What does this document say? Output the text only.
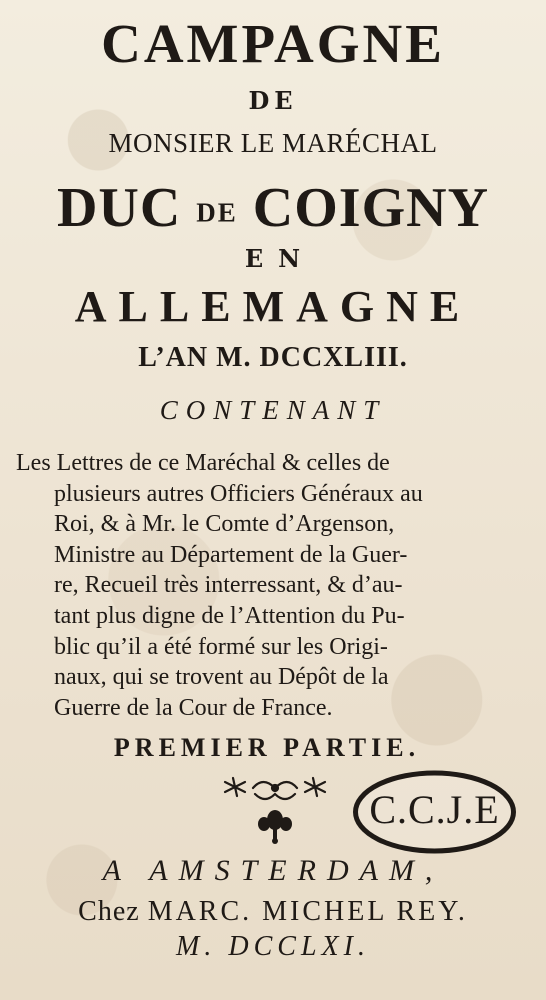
CAMPAGNE
DE
MONSIER LE MARÉCHAL
DUC DE COIGNY
EN
ALLEMAGNE
L’AN M. DCCXLIII.
CONTENANT
Les Lettres de ce Maréchal & celles de
plusieurs autres Officiers Généraux au
Roi, & à Mr. le Comte d’Argenson,
Ministre au Département de la Guer-
re, Recueil très interressant, & d’au-
tant plus digne de l’Attention du Pu-
blic qu’il a été formé sur les Origi-
naux, qui se trovent au Dépôt de la
Guerre de la Cour de France.
PREMIER PARTIE.
C.C.J.E
A AMSTERDAM,
Chez MARC. MICHEL REY.
M. DCCLXI.
